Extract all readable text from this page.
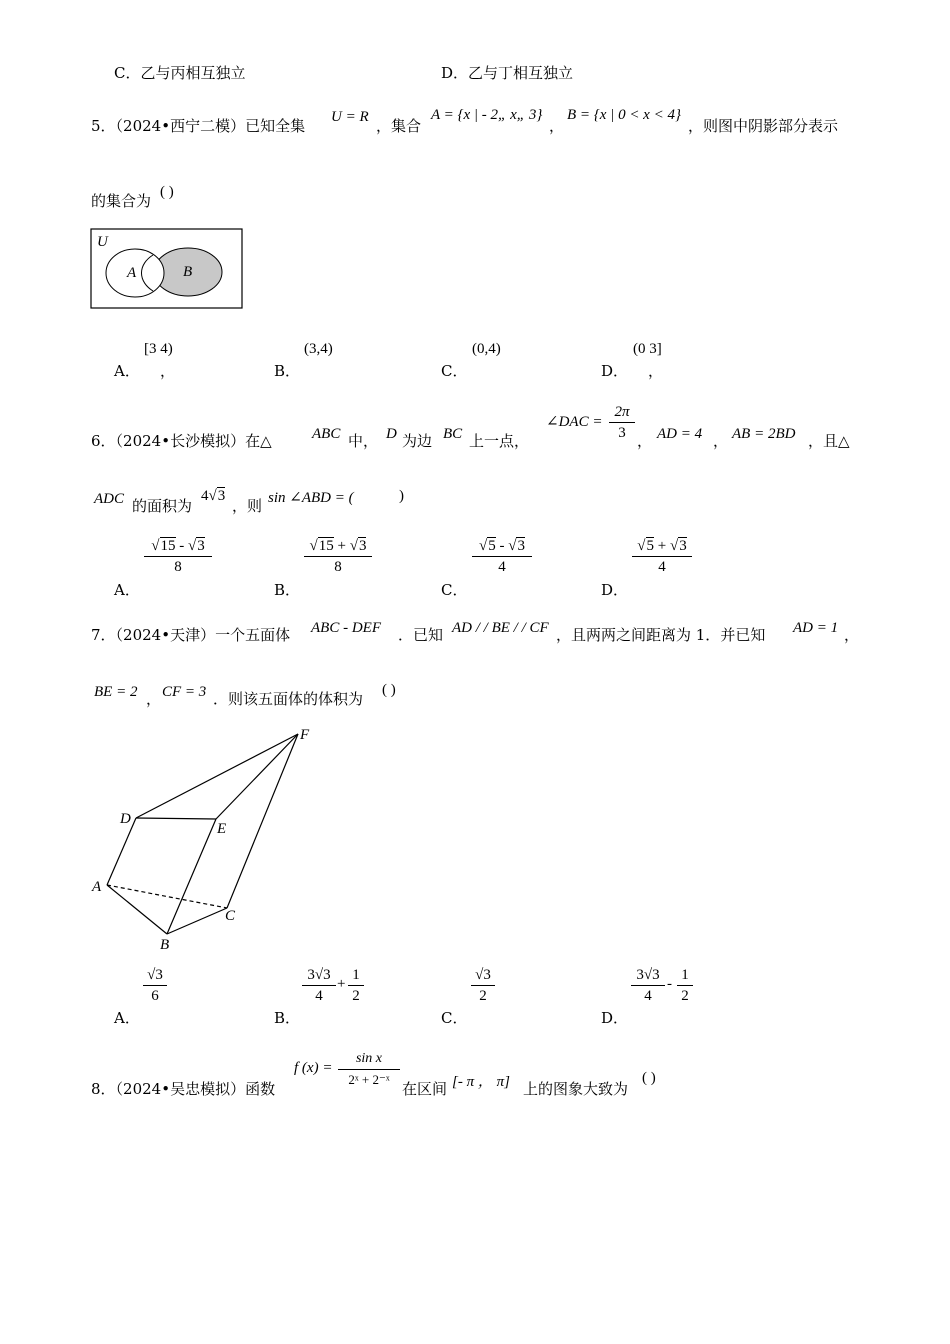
C．乙与丙相互独立	D．乙与丁相互独立
5．（2024•西宁二模）已知全集 U = R ，集合
A = {x | - 2„ x„ 3}
，
B = {x | 0 < x < 4}
，则图中阴影部分表示
的集合为 ( )
U
A	B
A．
[3 4)
，	B．
(3,4)
C．
(0,4)
D．
(0 3]
，
6．（2024•长沙模拟）在△	ABC 中， D 为边 BC 上一点，
∠DAC = $\frac{2\pi}{3}$ ， AD = 4 ， AB = 2BD ，且△
ADC 的面积为
4√3
，则 sin ∠ABD = (	)
A．
$\frac{√15 - √3}{8}$
B．
$\frac{√15 + √3}{8}$
C．
$\frac{√5 - √3}{4}$
D．
$\frac{√5 + √3}{4}$
7．（2024•天津）一个五面体 ABC - DEF ．已知 AD / / BE / / CF ，且两两之间距离为 1．并已知 AD = 1 ，
BE = 2 ， CF = 3 ．则该五面体的体积为 ( )
F
D
E
A
C
B
A．
$\frac{√3}{6}$
B．
$\frac{3√3}{4} + \frac{1}{2}$
C．
$\frac{√3}{2}$
D．
$\frac{3√3}{4} - \frac{1}{2}$
8．（2024•吴忠模拟）函数
f $(x) = \frac{\text{sin x}}{\text{2ˣ + 2⁻ˣ}}$ 在区间 [- π ， π] 上的图象大致为
( )
